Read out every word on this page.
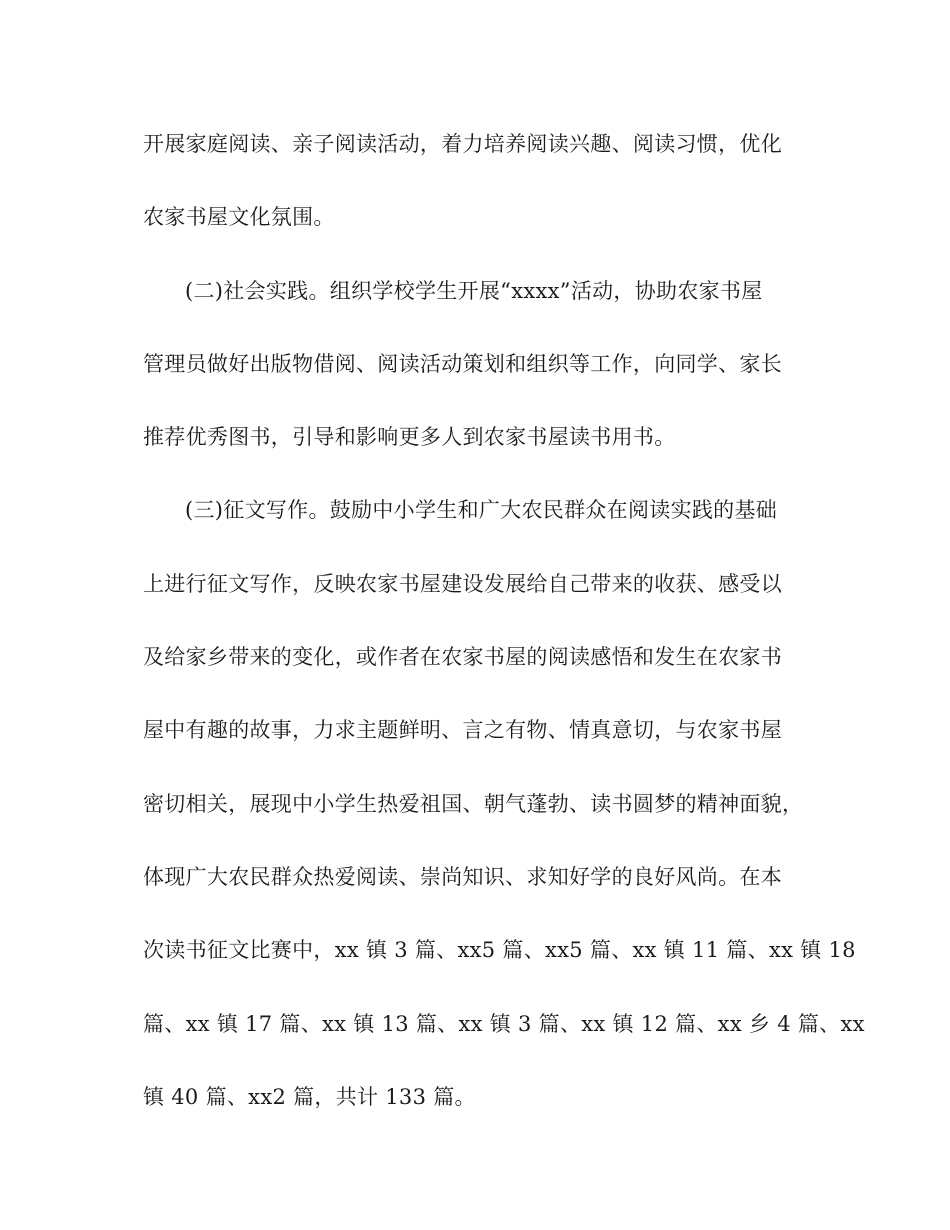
开展家庭阅读、亲子阅读活动，着力培养阅读兴趣、阅读习惯，优化
农家书屋文化氛围。
(二)社会实践。组织学校学生开展“xxxx”活动，协助农家书屋
管理员做好出版物借阅、阅读活动策划和组织等工作，向同学、家长
推荐优秀图书，引导和影响更多人到农家书屋读书用书。
(三)征文写作。鼓励中小学生和广大农民群众在阅读实践的基础
上进行征文写作，反映农家书屋建设发展给自己带来的收获、感受以
及给家乡带来的变化，或作者在农家书屋的阅读感悟和发生在农家书
屋中有趣的故事，力求主题鲜明、言之有物、情真意切，与农家书屋
密切相关，展现中小学生热爱祖国、朝气蓬勃、读书圆梦的精神面貌，
体现广大农民群众热爱阅读、崇尚知识、求知好学的良好风尚。在本
次读书征文比赛中，xx 镇 3 篇、xx5 篇、xx5 篇、xx 镇 11 篇、xx 镇 18
篇、xx 镇 17 篇、xx 镇 13 篇、xx 镇 3 篇、xx 镇 12 篇、xx 乡 4 篇、xx
镇 40 篇、xx2 篇，共计 133 篇。
